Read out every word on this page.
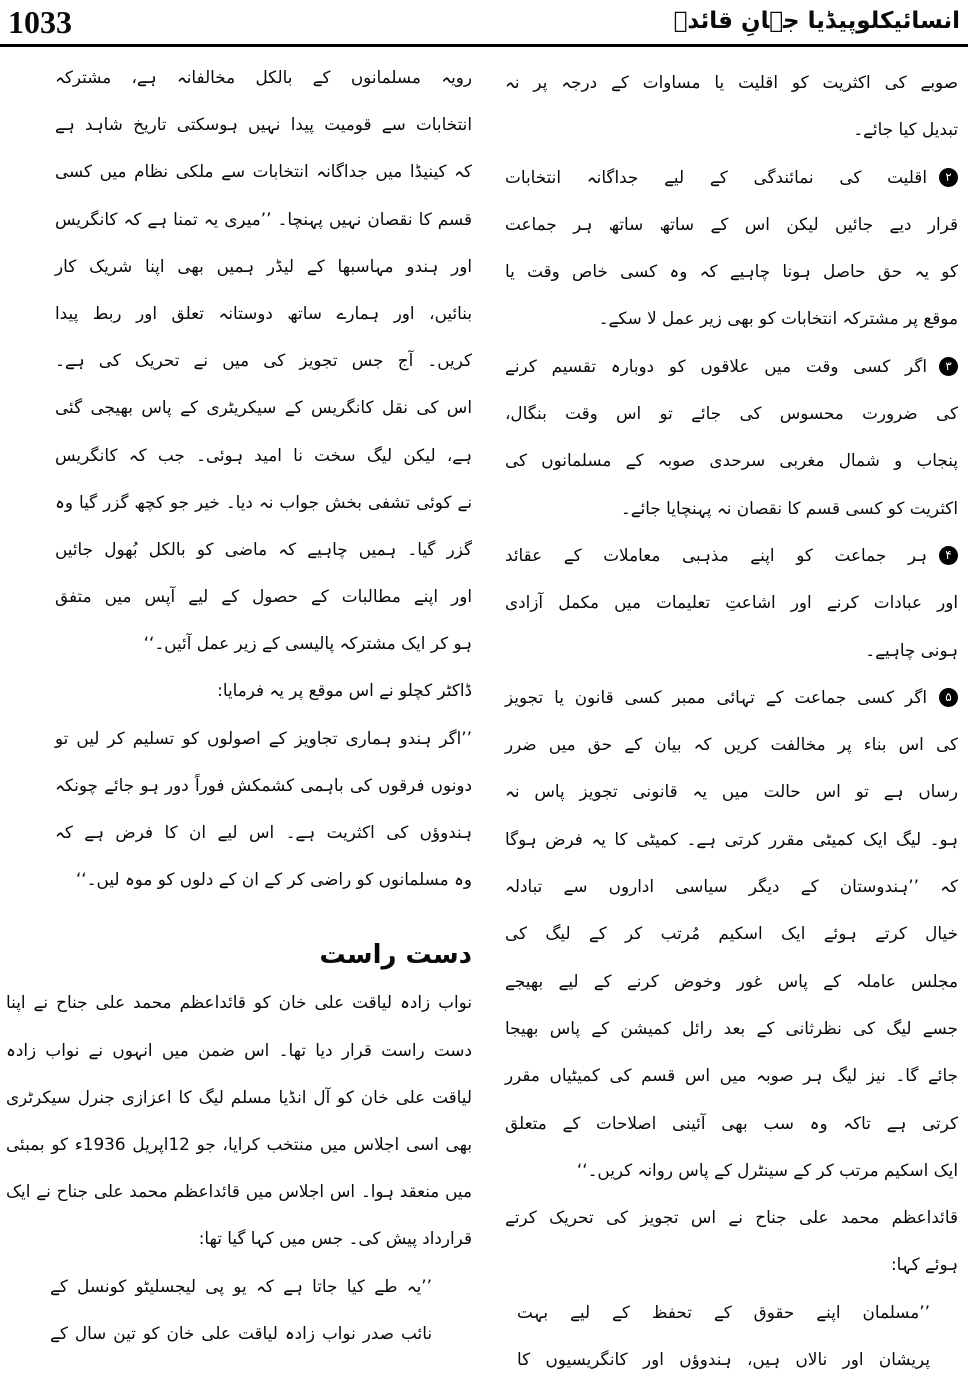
1033	انسائیکلوپیڈیا جہانِ قائدؒ
صوبے کی اکثریت کو اقلیت یا مساوات کے درجہ پر نہ
تبدیل کیا جائے۔
۲اقلیت کی نمائندگی کے لیے جداگانہ انتخابات
قرار دیے جائیں لیکن اس کے ساتھ ساتھ ہر جماعت
کو یہ حق حاصل ہونا چاہیے کہ وہ کسی خاص وقت یا
موقع پر مشترکہ انتخابات کو بھی زیر عمل لا سکے۔
۳اگر کسی وقت میں علاقوں کو دوبارہ تقسیم کرنے
کی ضرورت محسوس کی جائے تو اس وقت بنگال،
پنجاب و شمال مغربی سرحدی صوبہ کے مسلمانوں کی
اکثریت کو کسی قسم کا نقصان نہ پہنچایا جائے۔
۴ہر جماعت کو اپنے مذہبی معاملات کے عقائد
اور عبادات کرنے اور اشاعتِ تعلیمات میں مکمل آزادی
ہونی چاہیے۔
۵اگر کسی جماعت کے تہائی ممبر کسی قانون یا تجویز
کی اس بناء پر مخالفت کریں کہ بیان کے حق میں ضرر
رساں ہے تو اس حالت میں یہ قانونی تجویز پاس نہ
ہو۔ لیگ ایک کمیٹی مقرر کرتی ہے۔ کمیٹی کا یہ فرض ہوگا
کہ ’’ہندوستان کے دیگر سیاسی اداروں سے تبادلہ
خیال کرتے ہوئے ایک اسکیم مُرتب کر کے لیگ کی
مجلس عاملہ کے پاس غور وخوض کرنے کے لیے بھیجے
جسے لیگ کی نظرثانی کے بعد رائل کمیشن کے پاس بھیجا
جائے گا۔ نیز لیگ ہر صوبہ میں اس قسم کی کمیٹیاں مقرر
کرتی ہے تاکہ وہ سب بھی آئینی اصلاحات کے متعلق
ایک اسکیم مرتب کر کے سینٹرل کے پاس روانہ کریں۔‘‘
قائداعظم محمد علی جناح نے اس تجویز کی تحریک کرتے
ہوئے کہا:
’’مسلمان اپنے حقوق کے تحفظ کے لیے بہت
پریشان اور نالاں ہیں، ہندوؤں اور کانگریسیوں کا
رویہ مسلمانوں کے بالکل مخالفانہ ہے، مشترکہ
انتخابات سے قومیت پیدا نہیں ہوسکتی تاریخ شاہد ہے
کہ کینیڈا میں جداگانہ انتخابات سے ملکی نظام میں کسی
قسم کا نقصان نہیں پہنچا۔ ’’میری یہ تمنا ہے کہ کانگریس
اور ہندو مہاسبھا کے لیڈر ہمیں بھی اپنا شریک کار
بنائیں، اور ہمارے ساتھ دوستانہ تعلق اور ربط پیدا
کریں۔ آج جس تجویز کی میں نے تحریک کی ہے۔
اس کی نقل کانگریس کے سیکریٹری کے پاس بھیجی گئی
ہے، لیکن لیگ سخت نا امید ہوئی۔ جب کہ کانگریس
نے کوئی تشفی بخش جواب نہ دیا۔ خیر جو کچھ گزر گیا وہ
گزر گیا۔ ہمیں چاہیے کہ ماضی کو بالکل بُھول جائیں
اور اپنے مطالبات کے حصول کے لیے آپس میں متفق
ہو کر ایک مشترکہ پالیسی کے زیر عمل آئیں۔‘‘
ڈاکٹر کچلو نے اس موقع پر یہ فرمایا:
’’اگر ہندو ہماری تجاویز کے اصولوں کو تسلیم کر لیں تو
دونوں فرقوں کی باہمی کشمکش فوراً دور ہو جائے چونکہ
ہندوؤں کی اکثریت ہے۔ اس لیے ان کا فرض ہے کہ
وہ مسلمانوں کو راضی کر کے ان کے دلوں کو موہ لیں۔‘‘
دست راست
نواب زادہ لیاقت علی خان کو قائداعظم محمد علی جناح نے اپنا
دست راست قرار دیا تھا۔ اس ضمن میں انہوں نے نواب زادہ
لیاقت علی خان کو آل انڈیا مسلم لیگ کا اعزازی جنرل سیکرٹری
بھی اسی اجلاس میں منتخب کرایا، جو 12اپریل 1936ء کو بمبئی
میں منعقد ہوا۔ اس اجلاس میں قائداعظم محمد علی جناح نے ایک
قرارداد پیش کی۔ جس میں کہا گیا تھا:
’’یہ طے کیا جاتا ہے کہ یو پی لیجسلیٹو کونسل کے
نائب صدر نواب زادہ لیاقت علی خان کو تین سال کے
